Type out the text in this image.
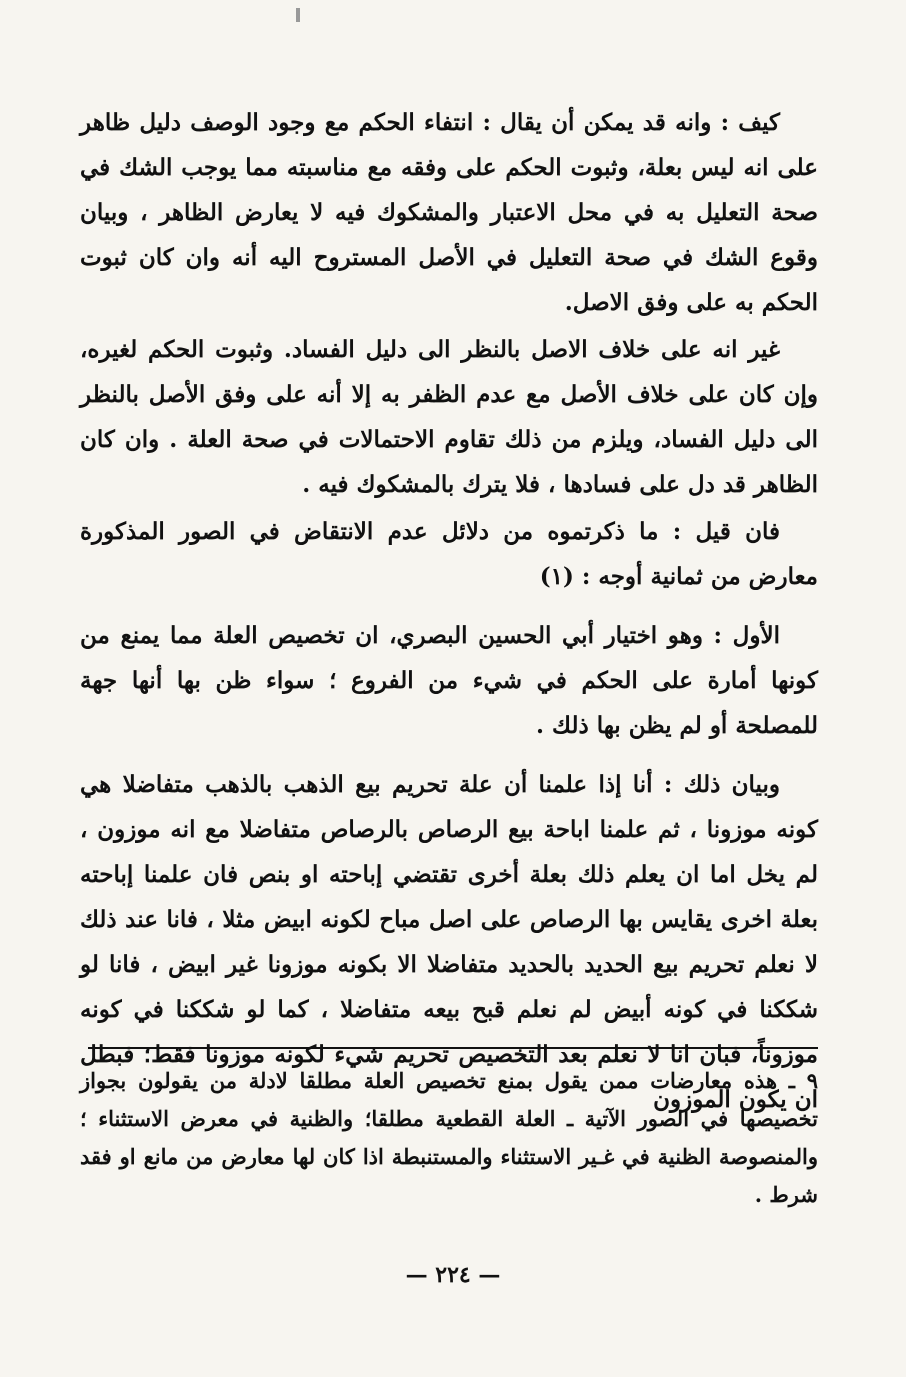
كيف : وانه قد يمكن أن يقال : انتفاء الحكم مع وجود الوصف دليل ظاهر على انه ليس بعلة، وثبوت الحكم على وفقه مع مناسبته مما يوجب الشك في صحة التعليل به في محل الاعتبار والمشكوك فيه لا يعارض الظاهر ، وبيان وقوع الشك في صحة التعليل في الأصل المستروح اليه أنه وان كان ثبوت الحكم به على وفق الاصل.

غير انه على خلاف الاصل بالنظر الى دليل الفساد. وثبوت الحكم لغيره، وإن كان على خلاف الأصل مع عدم الظفر به إلا أنه على وفق الأصل بالنظر الى دليل الفساد، ويلزم من ذلك تقاوم الاحتمالات في صحة العلة . وان كان الظاهر قد دل على فسادها ، فلا يترك بالمشكوك فيه .

فان قيل : ما ذكرتموه من دلائل عدم الانتقاض في الصور المذكورة معارض من ثمانية أوجه : (١)

الأول : وهو اختيار أبي الحسين البصري، ان تخصيص العلة مما يمنع من كونها أمارة على الحكم في شيء من الفروع ؛ سواء ظن بها أنها جهة للمصلحة أو لم يظن بها ذلك .

وبيان ذلك : أنا إذا علمنا أن علة تحريم بيع الذهب بالذهب متفاضلا هي كونه موزونا ، ثم علمنا اباحة بيع الرصاص بالرصاص متفاضلا مع انه موزون ، لم يخل اما ان يعلم ذلك بعلة أخرى تقتضي إباحته او بنص فان علمنا إباحته بعلة اخرى يقايس بها الرصاص على اصل مباح لكونه ابيض مثلا ، فانا عند ذلك لا نعلم تحريم بيع الحديد بالحديد متفاضلا الا بكونه موزونا غير ابيض ، فانا لو شككنا في كونه أبيض لم نعلم قبح بيعه متفاضلا ، كما لو شككنا في كونه موزوناً، فبان انا لا نعلم بعد التخصيص تحريم شيء لكونه موزونا فقط؛ فبطل ان يكون الموزون

٩ ـ هذه معارضات ممن يقول بمنع تخصيص العلة مطلقا لادلة من يقولون بجواز تخصيصها في الصور الآتية ـ العلة القطعية مطلقا؛ والظنية في معرض الاستثناء ؛ والمنصوصة الظنية في غـير الاستثناء والمستنبطة اذا كان لها معارض من مانع او فقد شرط .

— ٢٢٤ —
